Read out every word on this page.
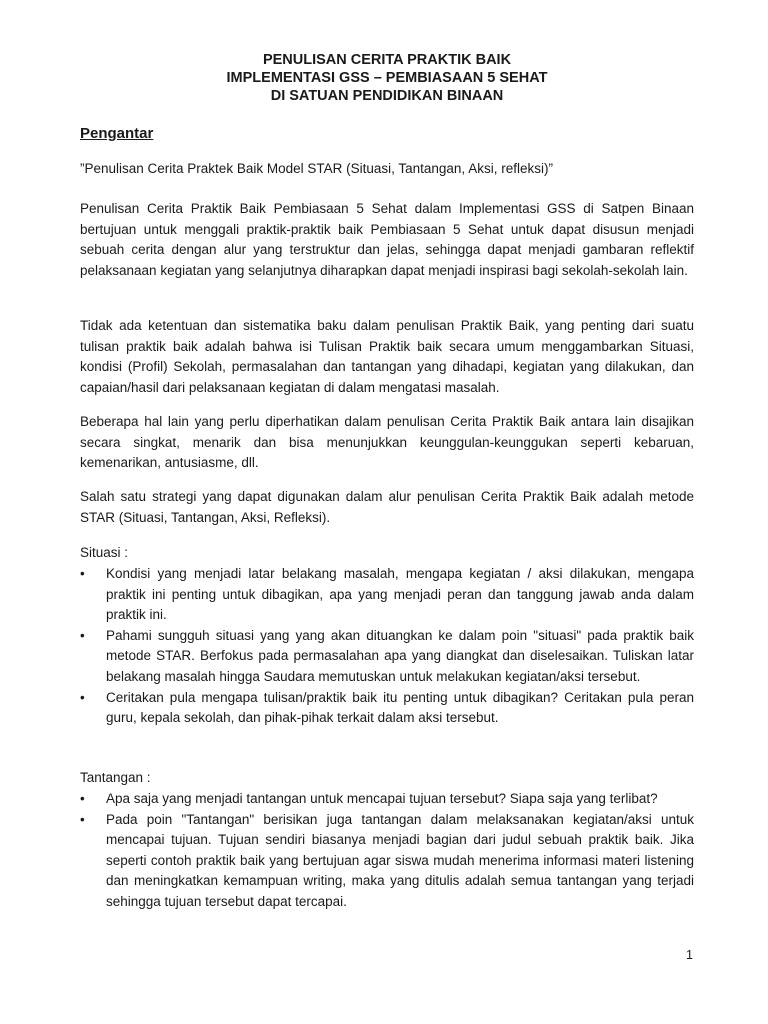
PENULISAN CERITA PRAKTIK BAIK
IMPLEMENTASI GSS – PEMBIASAAN 5 SEHAT
DI SATUAN PENDIDIKAN BINAAN
Pengantar
”Penulisan Cerita Praktek Baik Model STAR (Situasi, Tantangan, Aksi, refleksi)”

Penulisan Cerita Praktik Baik Pembiasaan 5 Sehat dalam Implementasi GSS di Satpen Binaan bertujuan untuk menggali praktik-praktik baik Pembiasaan 5 Sehat untuk dapat disusun menjadi sebuah cerita dengan alur yang terstruktur dan jelas, sehingga dapat menjadi gambaran reflektif pelaksanaan kegiatan yang selanjutnya diharapkan dapat menjadi inspirasi bagi sekolah-sekolah lain.

Tidak ada ketentuan dan sistematika baku dalam penulisan Praktik Baik, yang penting dari suatu tulisan praktik baik adalah bahwa isi Tulisan Praktik baik secara umum menggambarkan Situasi, kondisi (Profil) Sekolah, permasalahan dan tantangan yang dihadapi, kegiatan yang dilakukan, dan capaian/hasil dari pelaksanaan kegiatan di dalam mengatasi masalah.

Beberapa hal lain yang perlu diperhatikan dalam penulisan Cerita Praktik Baik antara lain disajikan secara singkat, menarik dan bisa menunjukkan keunggulan-keunggukan seperti kebaruan, kemenarikan, antusiasme, dll.

Salah satu strategi yang dapat digunakan dalam alur penulisan Cerita Praktik Baik adalah metode STAR (Situasi, Tantangan, Aksi, Refleksi).

Situasi :
•	Kondisi yang menjadi latar belakang masalah, mengapa kegiatan / aksi dilakukan, mengapa praktik ini penting untuk dibagikan, apa yang menjadi peran dan tanggung jawab anda dalam praktik ini.
•	Pahami sungguh situasi yang yang akan dituangkan ke dalam poin "situasi" pada praktik baik metode STAR. Berfokus pada permasalahan apa yang diangkat dan diselesaikan. Tuliskan latar belakang masalah hingga Saudara memutuskan untuk melakukan kegiatan/aksi tersebut.
•	Ceritakan pula mengapa tulisan/praktik baik itu penting untuk dibagikan? Ceritakan pula peran guru, kepala sekolah, dan pihak-pihak terkait dalam aksi tersebut.
Tantangan :
•	Apa saja yang menjadi tantangan untuk mencapai tujuan tersebut? Siapa saja yang terlibat?
•	Pada poin "Tantangan" berisikan juga tantangan dalam melaksanakan kegiatan/aksi untuk mencapai tujuan. Tujuan sendiri biasanya menjadi bagian dari judul sebuah praktik baik. Jika seperti contoh praktik baik yang bertujuan agar siswa mudah menerima informasi materi listening dan meningkatkan kemampuan writing, maka yang ditulis adalah semua tantangan yang terjadi sehingga tujuan tersebut dapat tercapai.
1
